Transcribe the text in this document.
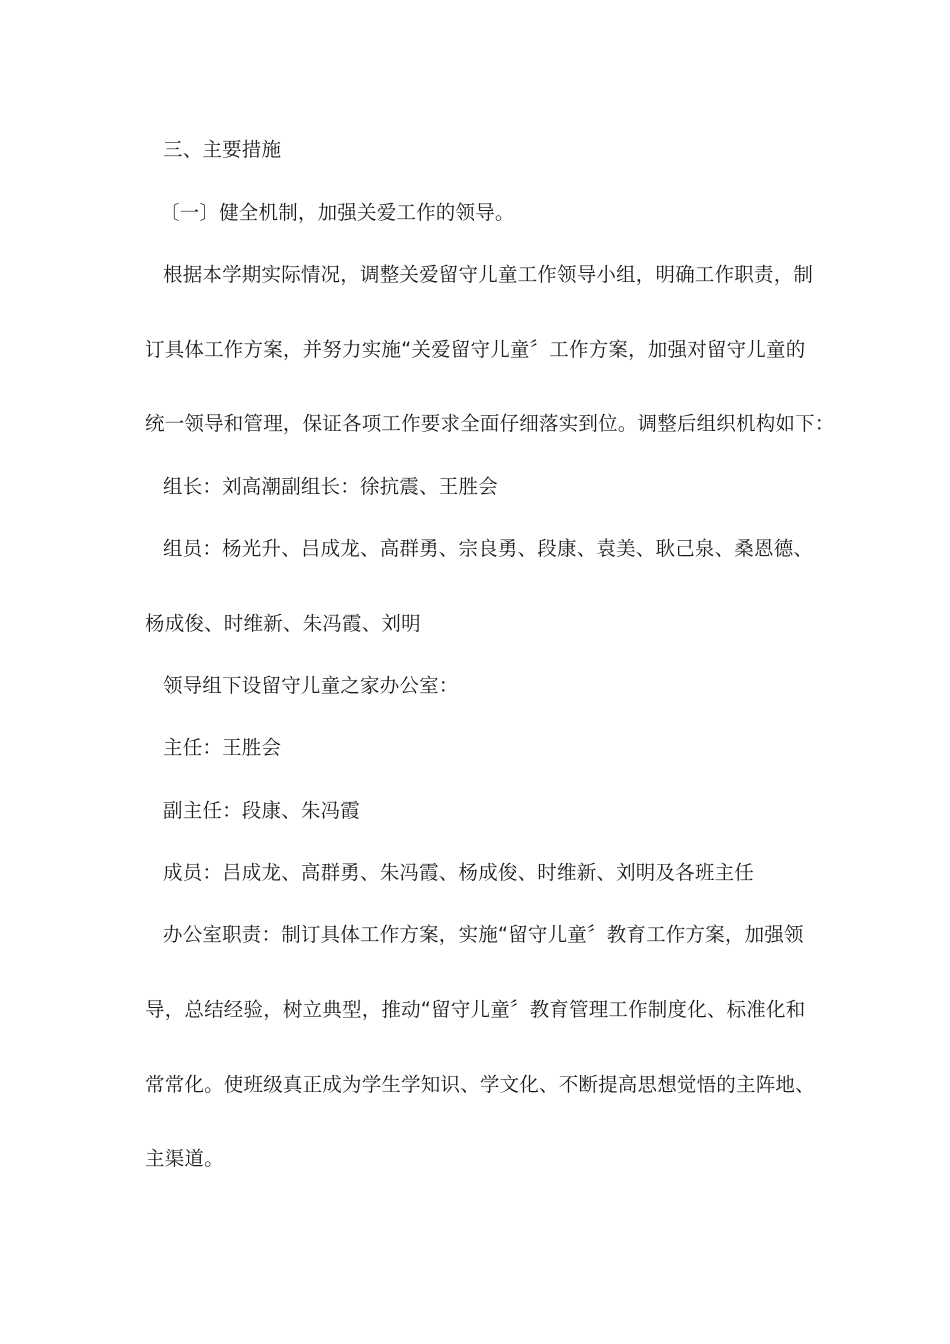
三、主要措施

〔一〕健全机制，加强关爱工作的领导。

根据本学期实际情况，调整关爱留守儿童工作领导小组，明确工作职责，制

订具体工作方案，并努力实施“关爱留守儿童〞工作方案，加强对留守儿童的

统一领导和管理，保证各项工作要求全面仔细落实到位。调整后组织机构如下：

组长：刘高潮副组长：徐抗震、王胜会

组员：杨光升、吕成龙、高群勇、宗良勇、段康、袁美、耿己泉、桑恩德、

杨成俊、时维新、朱冯霞、刘明

领导组下设留守儿童之家办公室：

主任：王胜会

副主任：段康、朱冯霞

成员：吕成龙、高群勇、朱冯霞、杨成俊、时维新、刘明及各班主任

办公室职责：制订具体工作方案，实施“留守儿童〞教育工作方案，加强领

导，总结经验，树立典型，推动“留守儿童〞教育管理工作制度化、标准化和

常常化。使班级真正成为学生学知识、学文化、不断提高思想觉悟的主阵地、

主渠道。
